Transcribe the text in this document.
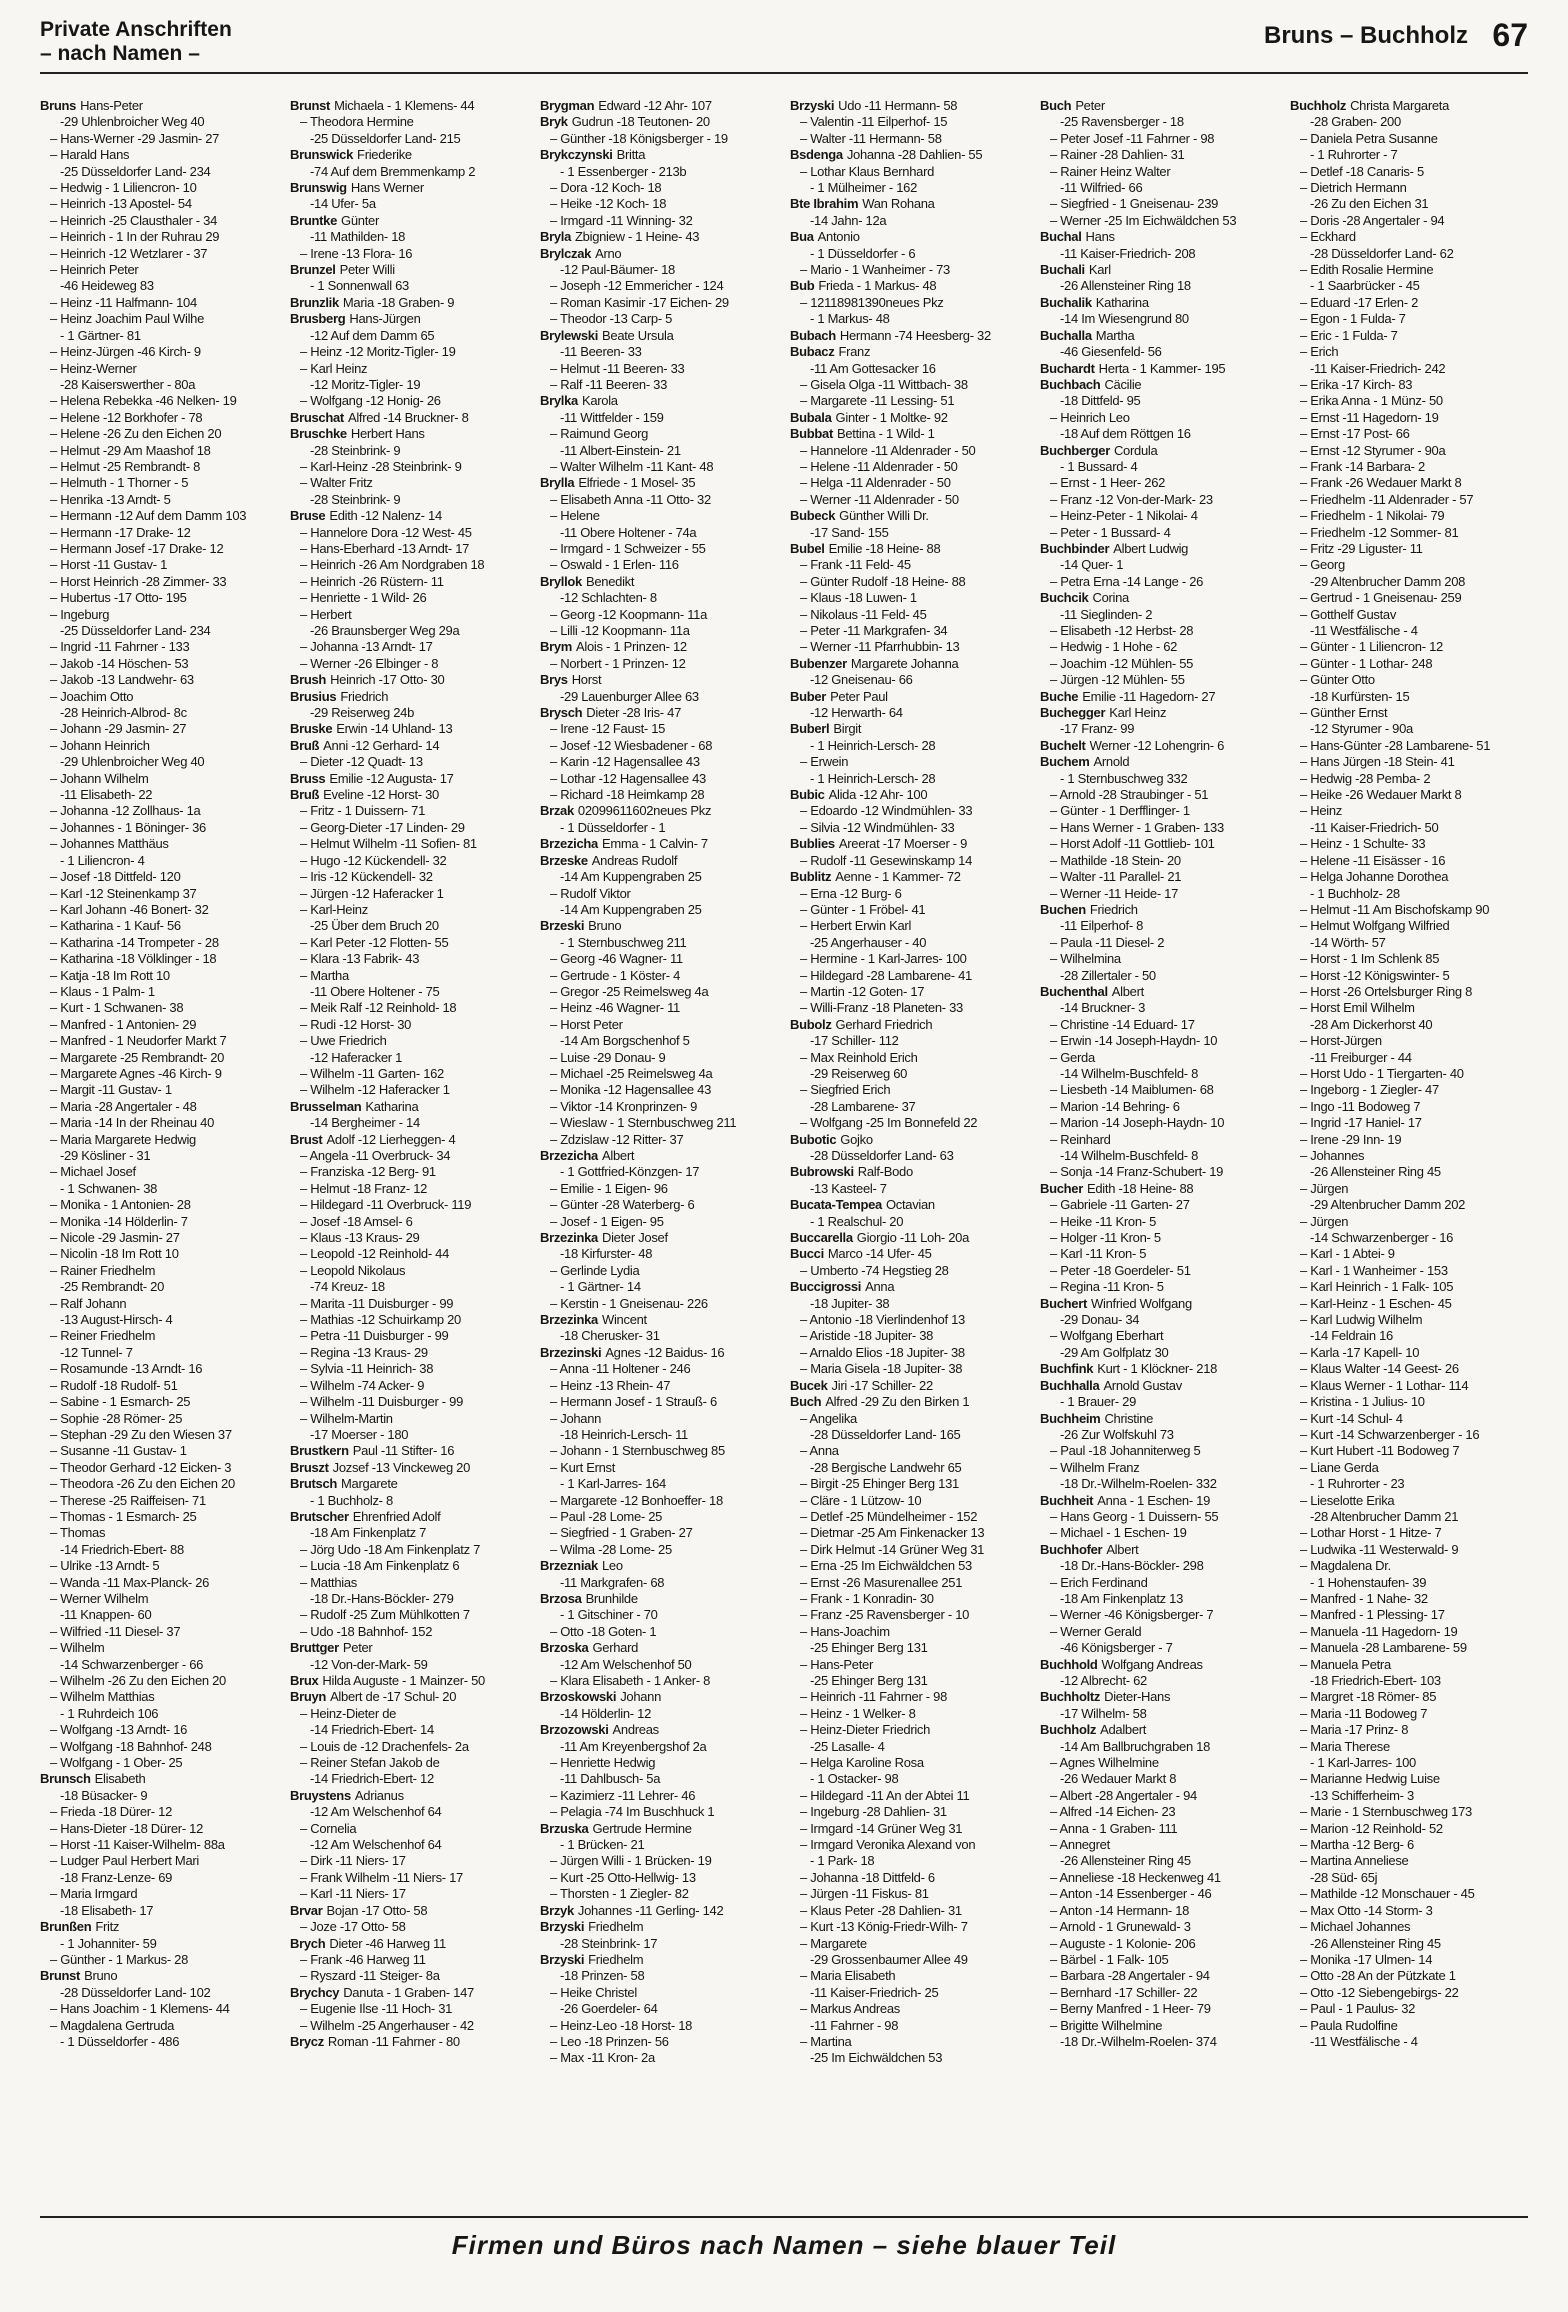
Private Anschriften
– nach Namen –
Bruns – Buchholz 67
Bruns Hans-Peter
-29 Uhlenbroicher Weg 40
– Hans-Werner -29 Jasmin- 27
– Harald Hans
-25 Düsseldorfer Land- 234
– Hedwig - 1 Liliencron- 10
– Heinrich -13 Apostel- 54
– Heinrich -25 Clausthaler - 34
– Heinrich - 1 In der Ruhrau 29
– Heinrich -12 Wetzlarer - 37
– Heinrich Peter
-46 Heideweg 83
– Heinz -11 Halfmann- 104
– Heinz Joachim Paul Wilhe
- 1 Gärtner- 81
– Heinz-Jürgen -46 Kirch- 9
– Heinz-Werner
-28 Kaiserswerther - 80a
– Helena Rebekka -46 Nelken- 19
– Helene -12 Borkhofer - 78
– Helene -26 Zu den Eichen 20
– Helmut -29 Am Maashof 18
– Helmut -25 Rembrandt- 8
– Helmuth - 1 Thorner - 5
– Henrika -13 Arndt- 5
– Hermann -12 Auf dem Damm 103
– Hermann -17 Drake- 12
– Hermann Josef -17 Drake- 12
– Horst -11 Gustav- 1
– Horst Heinrich -28 Zimmer- 33
– Hubertus -17 Otto- 195
– Ingeburg
-25 Düsseldorfer Land- 234
– Ingrid -11 Fahrner - 133
– Jakob -14 Höschen- 53
– Jakob -13 Landwehr- 63
– Joachim Otto
-28 Heinrich-Albrod- 8c
– Johann -29 Jasmin- 27
– Johann Heinrich
-29 Uhlenbroicher Weg 40
– Johann Wilhelm
-11 Elisabeth- 22
– Johanna -12 Zollhaus- 1a
– Johannes - 1 Böninger- 36
– Johannes Matthäus
- 1 Liliencron- 4
– Josef -18 Dittfeld- 120
– Karl -12 Steinenkamp 37
– Karl Johann -46 Bonert- 32
– Katharina - 1 Kauf- 56
– Katharina -14 Trompeter - 28
– Katharina -18 Völklinger - 18
– Katja -18 Im Rott 10
– Klaus - 1 Palm- 1
– Kurt - 1 Schwanen- 38
– Manfred - 1 Antonien- 29
– Manfred - 1 Neudorfer Markt 7
– Margarete -25 Rembrandt- 20
– Margarete Agnes -46 Kirch- 9
– Margit -11 Gustav- 1
– Maria -28 Angertaler - 48
– Maria -14 In der Rheinau 40
– Maria Margarete Hedwig
-29 Kösliner - 31
– Michael Josef
- 1 Schwanen- 38
– Monika - 1 Antonien- 28
– Monika -14 Hölderlin- 7
– Nicole -29 Jasmin- 27
– Nicolin -18 Im Rott 10
– Rainer Friedhelm
-25 Rembrandt- 20
– Ralf Johann
-13 August-Hirsch- 4
– Reiner Friedhelm
-12 Tunnel- 7
– Rosamunde -13 Arndt- 16
– Rudolf -18 Rudolf- 51
– Sabine - 1 Esmarch- 25
– Sophie -28 Römer- 25
– Stephan -29 Zu den Wiesen 37
– Susanne -11 Gustav- 1
– Theodor Gerhard -12 Eicken- 3
– Theodora -26 Zu den Eichen 20
– Therese -25 Raiffeisen- 71
– Thomas - 1 Esmarch- 25
– Thomas
-14 Friedrich-Ebert- 88
– Ulrike -13 Arndt- 5
– Wanda -11 Max-Planck- 26
– Werner Wilhelm
-11 Knappen- 60
– Wilfried -11 Diesel- 37
– Wilhelm
-14 Schwarzenberger - 66
– Wilhelm -26 Zu den Eichen 20
– Wilhelm Matthias
- 1 Ruhrdeich 106
– Wolfgang -13 Arndt- 16
– Wolfgang -18 Bahnhof- 248
– Wolfgang - 1 Ober- 25
Brunsch Elisabeth
-18 Büsacker- 9
– Frieda -18 Dürer- 12
– Hans-Dieter -18 Dürer- 12
– Horst -11 Kaiser-Wilhelm- 88a
– Ludger Paul Herbert Mari
-18 Franz-Lenze- 69
– Maria Irmgard
-18 Elisabeth- 17
Brunßen Fritz
- 1 Johanniter- 59
– Günther - 1 Markus- 28
Brunst Bruno
-28 Düsseldorfer Land- 102
– Hans Joachim - 1 Klemens- 44
– Magdalena Gertruda
- 1 Düsseldorfer - 486
Brunst Michaela - 1 Klemens- 44
– Theodora Hermine
-25 Düsseldorfer Land- 215
Brunswick Friederike
-74 Auf dem Bremmenkamp 2
Brunswig Hans Werner
-14 Ufer- 5a
Bruntke Günter
-11 Mathilden- 18
– Irene -13 Flora- 16
Brunzel Peter Willi
- 1 Sonnenwall 63
Brunzlik Maria -18 Graben- 9
Brusberg Hans-Jürgen
-12 Auf dem Damm 65
– Heinz -12 Moritz-Tigler- 19
– Karl Heinz
-12 Moritz-Tigler- 19
– Wolfgang -12 Honig- 26
Bruschat Alfred -14 Bruckner- 8
Bruschke Herbert Hans
-28 Steinbrink- 9
– Karl-Heinz -28 Steinbrink- 9
– Walter Fritz
-28 Steinbrink- 9
Bruse Edith -12 Nalenz- 14
– Hannelore Dora -12 West- 45
– Hans-Eberhard -13 Arndt- 17
– Heinrich -26 Am Nordgraben 18
– Heinrich -26 Rüstern- 11
– Henriette - 1 Wild- 26
– Herbert
-26 Braunsberger Weg 29a
– Johanna -13 Arndt- 17
– Werner -26 Elbinger - 8
Brush Heinrich -17 Otto- 30
Brusius Friedrich
-29 Reiserweg 24b
Bruske Erwin -14 Uhland- 13
Bruß Anni -12 Gerhard- 14
– Dieter -12 Quadt- 13
Bruss Emilie -12 Augusta- 17
Bruß Eveline -12 Horst- 30
– Fritz - 1 Duissern- 71
– Georg-Dieter -17 Linden- 29
– Helmut Wilhelm -11 Sofien- 81
– Hugo -12 Kückendell- 32
– Iris -12 Kückendell- 32
– Jürgen -12 Haferacker 1
– Karl-Heinz
-25 Über dem Bruch 20
– Karl Peter -12 Flotten- 55
– Klara -13 Fabrik- 43
– Martha
-11 Obere Holtener - 75
– Meik Ralf -12 Reinhold- 18
– Rudi -12 Horst- 30
– Uwe Friedrich
-12 Haferacker 1
– Wilhelm -11 Garten- 162
– Wilhelm -12 Haferacker 1
Brusselman Katharina
-14 Bergheimer - 14
Brust Adolf -12 Lierheggen- 4
– Angela -11 Overbruck- 34
– Franziska -12 Berg- 91
– Helmut -18 Franz- 12
– Hildegard -11 Overbruck- 119
– Josef -18 Amsel- 6
– Klaus -13 Kraus- 29
– Leopold -12 Reinhold- 44
– Leopold Nikolaus
-74 Kreuz- 18
– Marita -11 Duisburger - 99
– Mathias -12 Schuirkamp 20
– Petra -11 Duisburger - 99
– Regina -13 Kraus- 29
– Sylvia -11 Heinrich- 38
– Wilhelm -74 Acker- 9
– Wilhelm -11 Duisburger - 99
– Wilhelm-Martin
-17 Moerser - 180
Brustkern Paul -11 Stifter- 16
Bruszt Jozsef -13 Vinckeweg 20
Brutsch Margarete
- 1 Buchholz- 8
Brutscher Ehrenfried Adolf
-18 Am Finkenplatz 7
– Jörg Udo -18 Am Finkenplatz 7
– Lucia -18 Am Finkenplatz 6
– Matthias
-18 Dr.-Hans-Böckler- 279
– Rudolf -25 Zum Mühlkotten 7
– Udo -18 Bahnhof- 152
Bruttger Peter
-12 Von-der-Mark- 59
Brux Hilda Auguste - 1 Mainzer- 50
Bruyn Albert de -17 Schul- 20
– Heinz-Dieter de
-14 Friedrich-Ebert- 14
– Louis de -12 Drachenfels- 2a
– Reiner Stefan Jakob de
-14 Friedrich-Ebert- 12
Bruystens Adrianus
-12 Am Welschenhof 64
– Cornelia
-12 Am Welschenhof 64
– Dirk -11 Niers- 17
– Frank Wilhelm -11 Niers- 17
– Karl -11 Niers- 17
Brvar Bojan -17 Otto- 58
– Joze -17 Otto- 58
Brych Dieter -46 Harweg 11
– Frank -46 Harweg 11
– Ryszard -11 Steiger- 8a
Brychcy Danuta - 1 Graben- 147
– Eugenie Ilse -11 Hoch- 31
– Wilhelm -25 Angerhauser - 42
Brycz Roman -11 Fahrner - 80
Brygman Edward -12 Ahr- 107
Bryk Gudrun -18 Teutonen- 20
– Günther -18 Königsberger - 19
Brykczynski Britta
- 1 Essenberger - 213b
– Dora -12 Koch- 18
– Heike -12 Koch- 18
– Irmgard -11 Winning- 32
Bryla Zbigniew - 1 Heine- 43
Brylczak Arno
-12 Paul-Bäumer- 18
– Joseph -12 Emmericher - 124
– Roman Kasimir -17 Eichen- 29
– Theodor -13 Carp- 5
Brylewski Beate Ursula
-11 Beeren- 33
– Helmut -11 Beeren- 33
– Ralf -11 Beeren- 33
Brylka Karola
-11 Wittfelder - 159
– Raimund Georg
-11 Albert-Einstein- 21
– Walter Wilhelm -11 Kant- 48
Brylla Elfriede - 1 Mosel- 35
– Elisabeth Anna -11 Otto- 32
– Helene
-11 Obere Holtener - 74a
– Irmgard - 1 Schweizer - 55
– Oswald - 1 Erlen- 116
Bryllok Benedikt
-12 Schlachten- 8
– Georg -12 Koopmann- 11a
– Lilli -12 Koopmann- 11a
Brym Alois - 1 Prinzen- 12
– Norbert - 1 Prinzen- 12
Brys Horst
-29 Lauenburger Allee 63
Brysch Dieter -28 Iris- 47
– Irene -12 Faust- 15
– Josef -12 Wiesbadener - 68
– Karin -12 Hagensallee 43
– Lothar -12 Hagensallee 43
– Richard -18 Heimkamp 28
Brzak 02099611602neues Pkz
- 1 Düsseldorfer - 1
Brzezicha Emma - 1 Calvin- 7
Brzeske Andreas Rudolf
-14 Am Kuppengraben 25
– Rudolf Viktor
-14 Am Kuppengraben 25
Brzeski Bruno
- 1 Sternbuschweg 211
– Georg -46 Wagner- 11
– Gertrude - 1 Köster- 4
– Gregor -25 Reimelsweg 4a
– Heinz -46 Wagner- 11
– Horst Peter
-14 Am Borgschenhof 5
– Luise -29 Donau- 9
– Michael -25 Reimelsweg 4a
– Monika -12 Hagensallee 43
– Viktor -14 Kronprinzen- 9
– Wieslaw - 1 Sternbuschweg 211
– Zdzislaw -12 Ritter- 37
Brzezicha Albert
- 1 Gottfried-Könzgen- 17
– Emilie - 1 Eigen- 96
– Günter -28 Waterberg- 6
– Josef - 1 Eigen- 95
Brzezinka Dieter Josef
-18 Kirfurster- 48
– Gerlinde Lydia
- 1 Gärtner- 14
– Kerstin - 1 Gneisenau- 226
Brzezinka Wincent
-18 Cherusker- 31
Brzezinski Agnes -12 Baidus- 16
– Anna -11 Holtener - 246
– Heinz -13 Rhein- 47
– Hermann Josef - 1 Strauß- 6
– Johann
-18 Heinrich-Lersch- 11
– Johann - 1 Sternbuschweg 85
– Kurt Ernst
- 1 Karl-Jarres- 164
– Margarete -12 Bonhoeffer- 18
– Paul -28 Lome- 25
– Siegfried - 1 Graben- 27
– Wilma -28 Lome- 25
Brzezniak Leo
-11 Markgrafen- 68
Brzosa Brunhilde
- 1 Gitschiner - 70
– Otto -18 Goten- 1
Brzoska Gerhard
-12 Am Welschenhof 50
– Klara Elisabeth - 1 Anker- 8
Brzoskowski Johann
-14 Hölderlin- 12
Brzozowski Andreas
-11 Am Kreyenbergshof 2a
– Henriette Hedwig
-11 Dahlbusch- 5a
– Kazimierz -11 Lehrer- 46
– Pelagia -74 Im Buschhuck 1
Brzuska Gertrude Hermine
- 1 Brücken- 21
– Jürgen Willi - 1 Brücken- 19
– Kurt -25 Otto-Hellwig- 13
– Thorsten - 1 Ziegler- 82
Brzyk Johannes -11 Gerling- 142
Brzyski Friedhelm
-28 Steinbrink- 17
Brzyski Friedhelm
-18 Prinzen- 58
– Heike Christel
-26 Goerdeler- 64
– Heinz-Leo -18 Horst- 18
– Leo -18 Prinzen- 56
– Max -11 Kron- 2a
Brzyski Udo -11 Hermann- 58
– Valentin -11 Eilperhof- 15
– Walter -11 Hermann- 58
Bsdenga Johanna -28 Dahlien- 55
– Lothar Klaus Bernhard
- 1 Mülheimer - 162
Bte Ibrahim Wan Rohana
-14 Jahn- 12a
Bua Antonio
- 1 Düsseldorfer - 6
– Mario - 1 Wanheimer - 73
Bub Frieda - 1 Markus- 48
– 12118981390neues Pkz
- 1 Markus- 48
Bubach Hermann -74 Heesberg- 32
Bubacz Franz
-11 Am Gottesacker 16
– Gisela Olga -11 Wittbach- 38
– Margarete -11 Lessing- 51
Bubala Ginter - 1 Moltke- 92
Bubbat Bettina - 1 Wild- 1
– Hannelore -11 Aldenrader - 50
– Helene -11 Aldenrader - 50
– Helga -11 Aldenrader - 50
– Werner -11 Aldenrader - 50
Bubeck Günther Willi Dr.
-17 Sand- 155
Bubel Emilie -18 Heine- 88
– Frank -11 Feld- 45
– Günter Rudolf -18 Heine- 88
– Klaus -18 Luwen- 1
– Nikolaus -11 Feld- 45
– Peter -11 Markgrafen- 34
– Werner -11 Pfarrhubbin- 13
Bubenzer Margarete Johanna
-12 Gneisenau- 66
Buber Peter Paul
-12 Herwarth- 64
Buberl Birgit
- 1 Heinrich-Lersch- 28
– Erwein
- 1 Heinrich-Lersch- 28
Bubic Alida -12 Ahr- 100
– Edoardo -12 Windmühlen- 33
– Silvia -12 Windmühlen- 33
Bublies Areerat -17 Moerser - 9
– Rudolf -11 Gesewinskamp 14
Bublitz Aenne - 1 Kammer- 72
– Erna -12 Burg- 6
– Günter - 1 Fröbel- 41
– Herbert Erwin Karl
-25 Angerhauser - 40
– Hermine - 1 Karl-Jarres- 100
– Hildegard -28 Lambarene- 41
– Martin -12 Goten- 17
– Willi-Franz -18 Planeten- 33
Bubolz Gerhard Friedrich
-17 Schiller- 112
– Max Reinhold Erich
-29 Reiserweg 60
– Siegfried Erich
-28 Lambarene- 37
– Wolfgang -25 Im Bonnefeld 22
Bubotic Gojko
-28 Düsseldorfer Land- 63
Bubrowski Ralf-Bodo
-13 Kasteel- 7
Bucata-Tempea Octavian
- 1 Realschul- 20
Buccarella Giorgio -11 Loh- 20a
Bucci Marco -14 Ufer- 45
– Umberto -74 Hegstieg 28
Buccigrossi Anna
-18 Jupiter- 38
– Antonio -18 Vierlindenhof 13
– Aristide -18 Jupiter- 38
– Arnaldo Elios -18 Jupiter- 38
– Maria Gisela -18 Jupiter- 38
Bucek Jiri -17 Schiller- 22
Buch Alfred -29 Zu den Birken 1
– Angelika
-28 Düsseldorfer Land- 165
– Anna
-28 Bergische Landwehr 65
– Birgit -25 Ehinger Berg 131
– Cläre - 1 Lützow- 10
– Detlef -25 Mündelheimer - 152
– Dietmar -25 Am Finkenacker 13
– Dirk Helmut -14 Grüner Weg 31
– Erna -25 Im Eichwäldchen 53
– Ernst -26 Masurenallee 251
– Frank - 1 Konradin- 30
– Franz -25 Ravensberger - 10
– Hans-Joachim
-25 Ehinger Berg 131
– Hans-Peter
-25 Ehinger Berg 131
– Heinrich -11 Fahrner - 98
– Heinz - 1 Welker- 8
– Heinz-Dieter Friedrich
-25 Lasalle- 4
– Helga Karoline Rosa
- 1 Ostacker- 98
– Hildegard -11 An der Abtei 11
– Ingeburg -28 Dahlien- 31
– Irmgard -14 Grüner Weg 31
– Irmgard Veronika Alexand von
- 1 Park- 18
– Johanna -18 Dittfeld- 6
– Jürgen -11 Fiskus- 81
– Klaus Peter -28 Dahlien- 31
– Kurt -13 König-Friedr-Wilh- 7
– Margarete
-29 Grossenbaumer Allee 49
– Maria Elisabeth
-11 Kaiser-Friedrich- 25
– Markus Andreas
-11 Fahrner - 98
– Martina
-25 Im Eichwäldchen 53
Buch Peter
-25 Ravensberger - 18
– Peter Josef -11 Fahrner - 98
– Rainer -28 Dahlien- 31
– Rainer Heinz Walter
-11 Wilfried- 66
– Siegfried - 1 Gneisenau- 239
– Werner -25 Im Eichwäldchen 53
Buchal Hans
-11 Kaiser-Friedrich- 208
Buchali Karl
-26 Allensteiner Ring 18
Buchalik Katharina
-14 Im Wiesengrund 80
Buchalla Martha
-46 Giesenfeld- 56
Buchardt Herta - 1 Kammer- 195
Buchbach Cäcilie
-18 Dittfeld- 95
– Heinrich Leo
-18 Auf dem Röttgen 16
Buchberger Cordula
- 1 Bussard- 4
– Ernst - 1 Heer- 262
– Franz -12 Von-der-Mark- 23
– Heinz-Peter - 1 Nikolai- 4
– Peter - 1 Bussard- 4
Buchbinder Albert Ludwig
-14 Quer- 1
– Petra Erna -14 Lange - 26
Buchcik Corina
-11 Sieglinden- 2
– Elisabeth -12 Herbst- 28
– Hedwig - 1 Hohe - 62
– Joachim -12 Mühlen- 55
– Jürgen -12 Mühlen- 55
Buche Emilie -11 Hagedorn- 27
Buchegger Karl Heinz
-17 Franz- 99
Buchelt Werner -12 Lohengrin- 6
Buchem Arnold
- 1 Sternbuschweg 332
– Arnold -28 Straubinger - 51
– Günter - 1 Derfflinger- 1
– Hans Werner - 1 Graben- 133
– Horst Adolf -11 Gottlieb- 101
– Mathilde -18 Stein- 20
– Walter -11 Parallel- 21
– Werner -11 Heide- 17
Buchen Friedrich
-11 Eilperhof- 8
– Paula -11 Diesel- 2
– Wilhelmina
-28 Zillertaler - 50
Buchenthal Albert
-14 Bruckner- 3
– Christine -14 Eduard- 17
– Erwin -14 Joseph-Haydn- 10
– Gerda
-14 Wilhelm-Buschfeld- 8
– Liesbeth -14 Maiblumen- 68
– Marion -14 Behring- 6
– Marion -14 Joseph-Haydn- 10
– Reinhard
-14 Wilhelm-Buschfeld- 8
– Sonja -14 Franz-Schubert- 19
Bucher Edith -18 Heine- 88
– Gabriele -11 Garten- 27
– Heike -11 Kron- 5
– Holger -11 Kron- 5
– Karl -11 Kron- 5
– Peter -18 Goerdeler- 51
– Regina -11 Kron- 5
Buchert Winfried Wolfgang
-29 Donau- 34
– Wolfgang Eberhart
-29 Am Golfplatz 30
Buchfink Kurt - 1 Klöckner- 218
Buchhalla Arnold Gustav
- 1 Brauer- 29
Buchheim Christine
-26 Zur Wolfskuhl 73
– Paul -18 Johanniterweg 5
– Wilhelm Franz
-18 Dr.-Wilhelm-Roelen- 332
Buchheit Anna - 1 Eschen- 19
– Hans Georg - 1 Duissern- 55
– Michael - 1 Eschen- 19
Buchhofer Albert
-18 Dr.-Hans-Böckler- 298
– Erich Ferdinand
-18 Am Finkenplatz 13
– Werner -46 Königsberger- 7
– Werner Gerald
-46 Königsberger - 7
Buchhold Wolfgang Andreas
-12 Albrecht- 62
Buchholtz Dieter-Hans
-17 Wilhelm- 58
Buchholz Adalbert
-14 Am Ballbruchgraben 18
– Agnes Wilhelmine
-26 Wedauer Markt 8
– Albert -28 Angertaler - 94
– Alfred -14 Eichen- 23
– Anna - 1 Graben- 111
– Annegret
-26 Allensteiner Ring 45
– Anneliese -18 Heckenweg 41
– Anton -14 Essenberger - 46
– Anton -14 Hermann- 18
– Arnold - 1 Grunewald- 3
– Auguste - 1 Kolonie- 206
– Bärbel - 1 Falk- 105
– Barbara -28 Angertaler - 94
– Bernhard -17 Schiller- 22
– Berny Manfred - 1 Heer- 79
– Brigitte Wilhelmine
-18 Dr.-Wilhelm-Roelen- 374
Buchholz Christa Margareta
-28 Graben- 200
– Daniela Petra Susanne
- 1 Ruhrorter - 7
– Detlef -18 Canaris- 5
– Dietrich Hermann
-26 Zu den Eichen 31
– Doris -28 Angertaler - 94
– Eckhard
-28 Düsseldorfer Land- 62
– Edith Rosalie Hermine
- 1 Saarbrücker - 45
– Eduard -17 Erlen- 2
– Egon - 1 Fulda- 7
– Eric - 1 Fulda- 7
– Erich
-11 Kaiser-Friedrich- 242
– Erika -17 Kirch- 83
– Erika Anna - 1 Münz- 50
– Ernst -11 Hagedorn- 19
– Ernst -17 Post- 66
– Ernst -12 Styrumer - 90a
– Frank -14 Barbara- 2
– Frank -26 Wedauer Markt 8
– Friedhelm -11 Aldenrader - 57
– Friedhelm - 1 Nikolai- 79
– Friedhelm -12 Sommer- 81
– Fritz -29 Liguster- 11
– Georg
-29 Altenbrucher Damm 208
– Gertrud - 1 Gneisenau- 259
– Gotthelf Gustav
-11 Westfälische - 4
– Günter - 1 Liliencron- 12
– Günter - 1 Lothar- 248
– Günter Otto
-18 Kurfürsten- 15
– Günther Ernst
-12 Styrumer - 90a
– Hans-Günter -28 Lambarene- 51
– Hans Jürgen -18 Stein- 41
– Hedwig -28 Pemba- 2
– Heike -26 Wedauer Markt 8
– Heinz
-11 Kaiser-Friedrich- 50
– Heinz - 1 Schulte- 33
– Helene -11 Eisässer - 16
– Helga Johanne Dorothea
- 1 Buchholz- 28
– Helmut -11 Am Bischofskamp 90
– Helmut Wolfgang Wilfried
-14 Wörth- 57
– Horst - 1 Im Schlenk 85
– Horst -12 Königswinter- 5
– Horst -26 Ortelsburger Ring 8
– Horst Emil Wilhelm
-28 Am Dickerhorst 40
– Horst-Jürgen
-11 Freiburger - 44
– Horst Udo - 1 Tiergarten- 40
– Ingeborg - 1 Ziegler- 47
– Ingo -11 Bodoweg 7
– Ingrid -17 Haniel- 17
– Irene -29 Inn- 19
– Johannes
-26 Allensteiner Ring 45
– Jürgen
-29 Altenbrucher Damm 202
– Jürgen
-14 Schwarzenberger - 16
– Karl - 1 Abtei- 9
– Karl - 1 Wanheimer - 153
– Karl Heinrich - 1 Falk- 105
– Karl-Heinz - 1 Eschen- 45
– Karl Ludwig Wilhelm
-14 Feldrain 16
– Karla -17 Kapell- 10
– Klaus Walter -14 Geest- 26
– Klaus Werner - 1 Lothar- 114
– Kristina - 1 Julius- 10
– Kurt -14 Schul- 4
– Kurt -14 Schwarzenberger - 16
– Kurt Hubert -11 Bodoweg 7
– Liane Gerda
- 1 Ruhrorter - 23
– Lieselotte Erika
-28 Altenbrucher Damm 21
– Lothar Horst - 1 Hitze- 7
– Ludwika -11 Westerwald- 9
– Magdalena Dr.
- 1 Hohenstaufen- 39
– Manfred - 1 Nahe- 32
– Manfred - 1 Plessing- 17
– Manuela -11 Hagedorn- 19
– Manuela -28 Lambarene- 59
– Manuela Petra
-18 Friedrich-Ebert- 103
– Margret -18 Römer- 85
– Maria -11 Bodoweg 7
– Maria -17 Prinz- 8
– Maria Therese
- 1 Karl-Jarres- 100
– Marianne Hedwig Luise
-13 Schifferheim- 3
– Marie - 1 Sternbuschweg 173
– Marion -12 Reinhold- 52
– Martha -12 Berg- 6
– Martina Anneliese
-28 Süd- 65j
– Mathilde -12 Monschauer - 45
– Max Otto -14 Storm- 3
– Michael Johannes
-26 Allensteiner Ring 45
– Monika -17 Ulmen- 14
– Otto -28 An der Pützkate 1
– Otto -12 Siebengebirgs- 22
– Paul - 1 Paulus- 32
– Paula Rudolfine
-11 Westfälische - 4
Firmen und Büros nach Namen – siehe blauer Teil
